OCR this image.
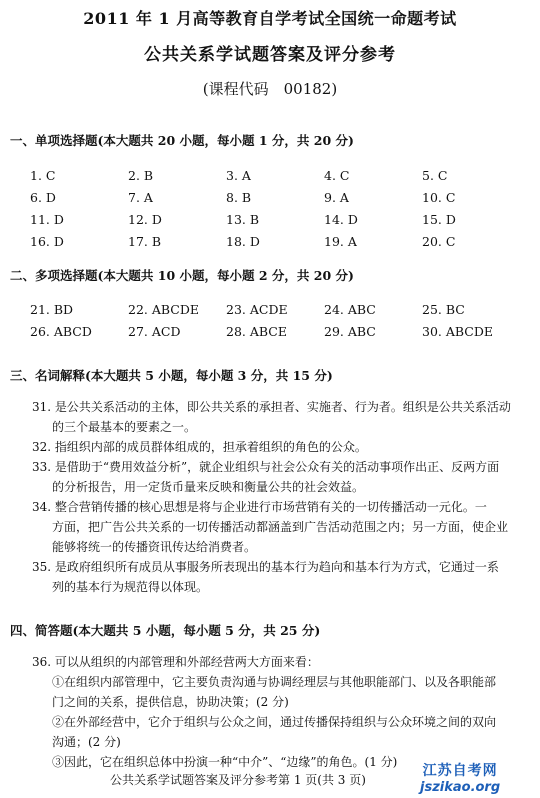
2011 年 1 月高等教育自学考试全国统一命题考试
公共关系学试题答案及评分参考
(课程代码　00182)
一、单项选择题(本大题共 20 小题，每小题 1 分，共 20 分)
1. C	2. B	3. A	4. C	5. C
6. D	7. A	8. B	9. A	10. C
11. D	12. D	13. B	14. D	15. D
16. D	17. B	18. D	19. A	20. C
二、多项选择题(本大题共 10 小题，每小题 2 分，共 20 分)
21. BD	22. ABCDE	23. ACDE	24. ABC	25. BC
26. ABCD	27. ACD	28. ABCE	29. ABC	30. ABCDE
三、名词解释(本大题共 5 小题，每小题 3 分，共 15 分)
31. 是公共关系活动的主体，即公共关系的承担者、实施者、行为者。组织是公共关系活动
的三个最基本的要素之一。
32. 指组织内部的成员群体组成的，担承着组织的角色的公众。
33. 是借助于“费用效益分析”，就企业组织与社会公众有关的活动事项作出正、反两方面
的分析报告，用一定货币量来反映和衡量公共的社会效益。
34. 整合营销传播的核心思想是将与企业进行市场营销有关的一切传播活动一元化。一
方面，把广告公共关系的一切传播活动都涵盖到广告活动范围之内；另一方面，使企业
能够将统一的传播资讯传达给消费者。
35. 是政府组织所有成员从事服务所表现出的基本行为趋向和基本行为方式，它通过一系
列的基本行为规范得以体现。
四、简答题(本大题共 5 小题，每小题 5 分，共 25 分)
36. 可以从组织的内部管理和外部经营两大方面来看：
①在组织内部管理中，它主要负责沟通与协调经理层与其他职能部门、以及各职能部
门之间的关系，提供信息，协助决策；(2 分)
②在外部经营中，它介于组织与公众之间，通过传播保持组织与公众环境之间的双向
沟通；(2 分)
③因此，它在组织总体中扮演一种“中介”、“边缘”的角色。(1 分)
公共关系学试题答案及评分参考第 1 页(共 3 页)
江苏自考网
jszikao.org
